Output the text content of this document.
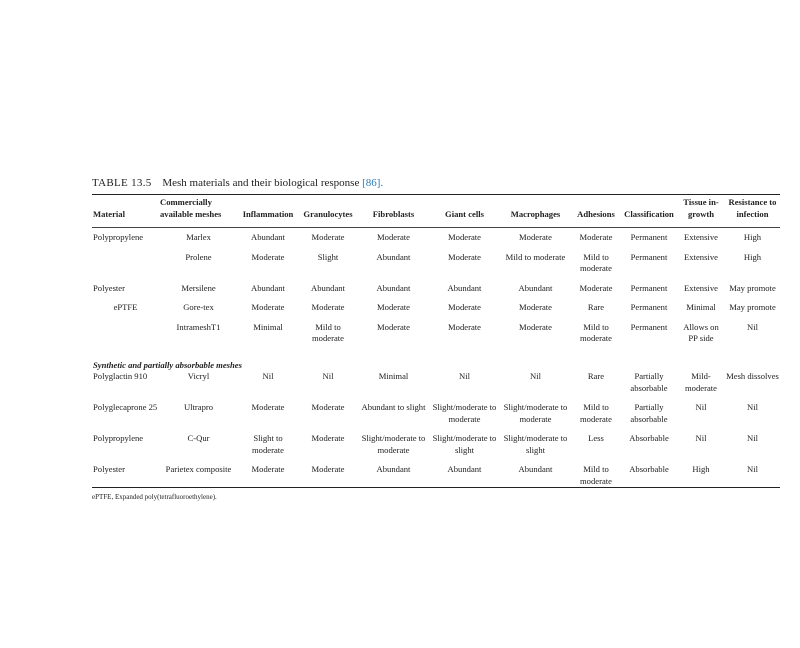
TABLE 13.5 Mesh materials and their biological response [86].
Material	Commercially available meshes	Inflammation	Granulocytes	Fibroblasts	Giant cells	Macrophages	Adhesions	Classification	Tissue in-growth	Resistance to infection
Polypropylene	Marlex	Abundant	Moderate	Moderate	Moderate	Moderate	Moderate	Permanent	Extensive	High
	Prolene	Moderate	Slight	Abundant	Moderate	Mild to moderate	Mild to moderate	Permanent	Extensive	High
Polyester	Mersilene	Abundant	Abundant	Abundant	Abundant	Abundant	Moderate	Permanent	Extensive	May promote
ePTFE	Gore-tex	Moderate	Moderate	Moderate	Moderate	Moderate	Rare	Permanent	Minimal	May promote
	IntrameshT1	Minimal	Mild to moderate	Moderate	Moderate	Moderate	Mild to moderate	Permanent	Allows on PP side	Nil
Synthetic and partially absorbable meshes										
Polyglactin 910	Vicryl	Nil	Nil	Minimal	Nil	Nil	Rare	Partially absorbable	Mild-moderate	Mesh dissolves
Polyglecaprone 25	Ultrapro	Moderate	Moderate	Abundant to slight	Slight/moderate to moderate	Slight/moderate to moderate	Mild to moderate	Partially absorbable	Nil	Nil
Polypropylene	C-Qur	Slight to moderate	Moderate	Slight/moderate to moderate	Slight/moderate to slight	Slight/moderate to slight	Less	Absorbable	Nil	Nil
Polyester	Parietex composite	Moderate	Moderate	Abundant	Abundant	Abundant	Mild to moderate	Absorbable	High	Nil
ePTFE, Expanded poly(tetrafluoroethylene).
